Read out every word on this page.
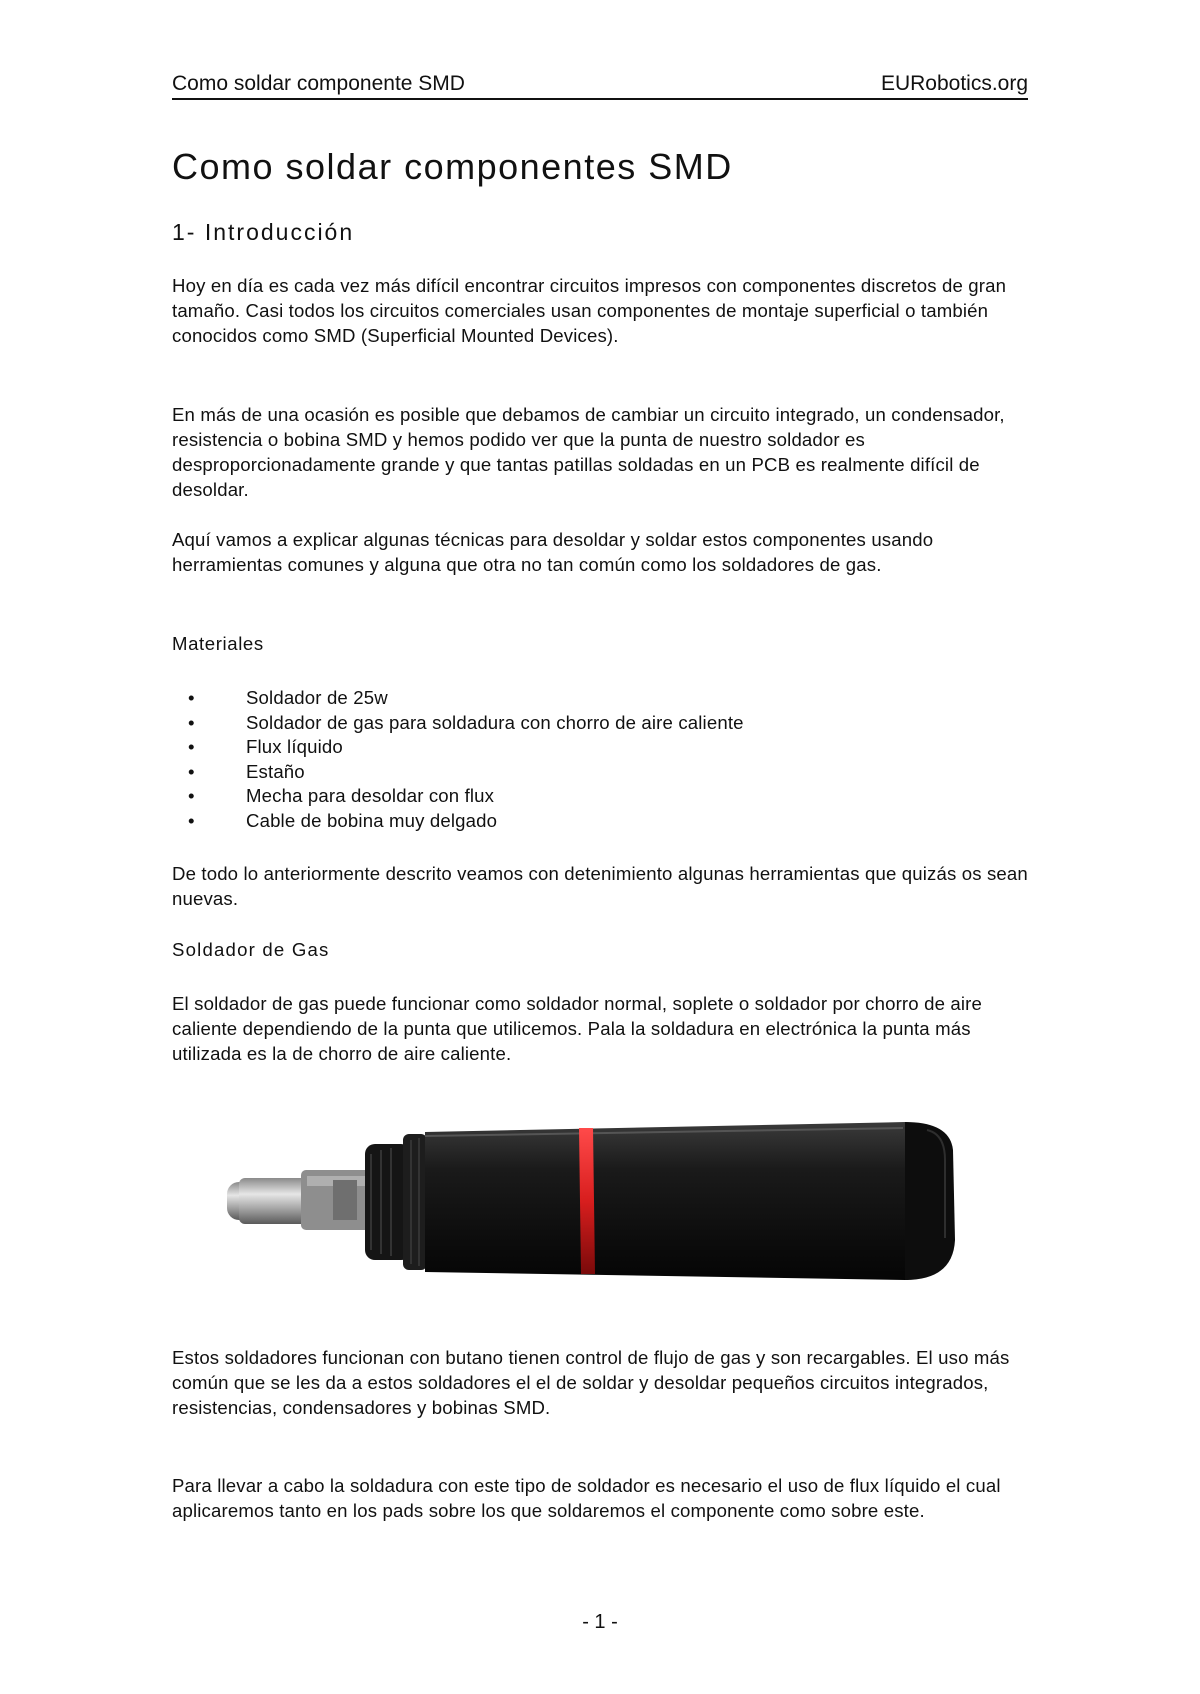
Como soldar componente SMD	EURobotics.org
Como soldar componentes SMD
1- Introducción

Hoy en día es cada vez más difícil encontrar circuitos impresos con componentes discretos de gran tamaño. Casi todos los circuitos comerciales usan componentes de montaje superficial o también conocidos como SMD (Superficial Mounted Devices).

En más de una ocasión es posible que debamos de cambiar un circuito integrado, un condensador, resistencia o bobina SMD y hemos podido ver que la punta de nuestro soldador es desproporcionadamente grande y que tantas patillas soldadas en un PCB es realmente difícil de desoldar.

Aquí vamos a explicar algunas técnicas para desoldar y soldar estos componentes usando herramientas comunes y alguna que otra no tan común como los soldadores de gas.

Materiales

•	Soldador de 25w
•	Soldador de gas para soldadura con chorro de aire caliente
•	Flux líquido
•	Estaño
•	Mecha para desoldar con flux
•	Cable de bobina muy delgado

De todo lo anteriormente descrito veamos con detenimiento algunas herramientas que quizás os sean nuevas.

Soldador de Gas

El soldador de gas puede funcionar como soldador normal, soplete o soldador por chorro de aire caliente dependiendo de la punta que utilicemos. Pala la soldadura en electrónica la punta más utilizada es la de chorro de aire caliente.

Estos soldadores funcionan con butano tienen control de flujo de gas y son recargables. El uso más común que se les da a estos soldadores el el de soldar y desoldar pequeños circuitos integrados, resistencias, condensadores y bobinas SMD.

Para llevar a cabo la soldadura con este tipo de soldador es necesario el uso de flux líquido el cual aplicaremos tanto en los pads sobre los que soldaremos el componente como sobre este.

- 1 -
